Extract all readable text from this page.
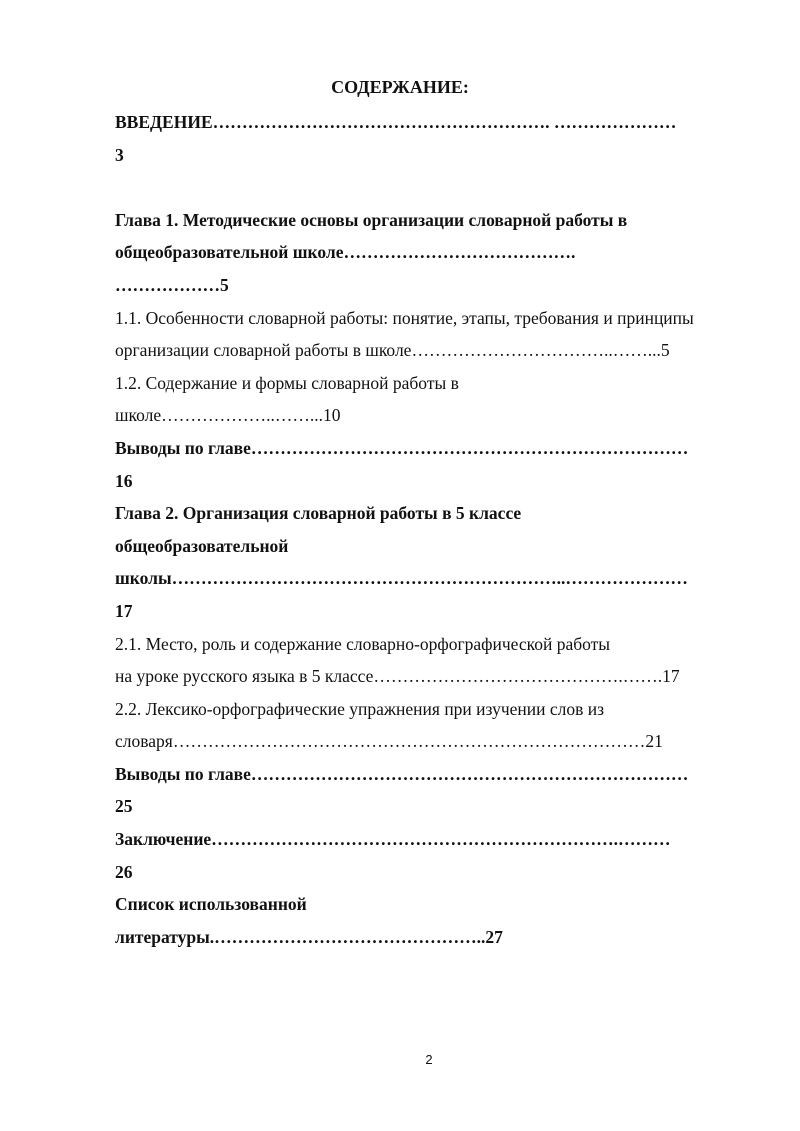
СОДЕРЖАНИЕ:
ВВЕДЕНИЕ…………………………………………………. …………………
3
Глава 1. Методические основы организации словарной работы в
общеобразовательной школе………………………………….
………………5
1.1. Особенности словарной работы: понятие, этапы, требования и принципы
организации словарной работы в школе……………………………..……...5
1.2. Содержание и формы словарной работы в
школе………………..……...10
Выводы по главе…………………………………………………………………
16
Глава 2. Организация словарной работы в 5 классе
общеобразовательной
школы…………………………………………………………..…………………
17
2.1. Место, роль и содержание словарно-орфографической работы
на уроке русского языка в 5 классе…………………………………….…….17
2.2. Лексико-орфографические упражнения при изучении слов из
словаря………………………………………………………………………21
Выводы по главе…………………………………………………………………
25
Заключение…………………………………………………………….………
26
Список использованной
литературы.………………………………………..27
2
